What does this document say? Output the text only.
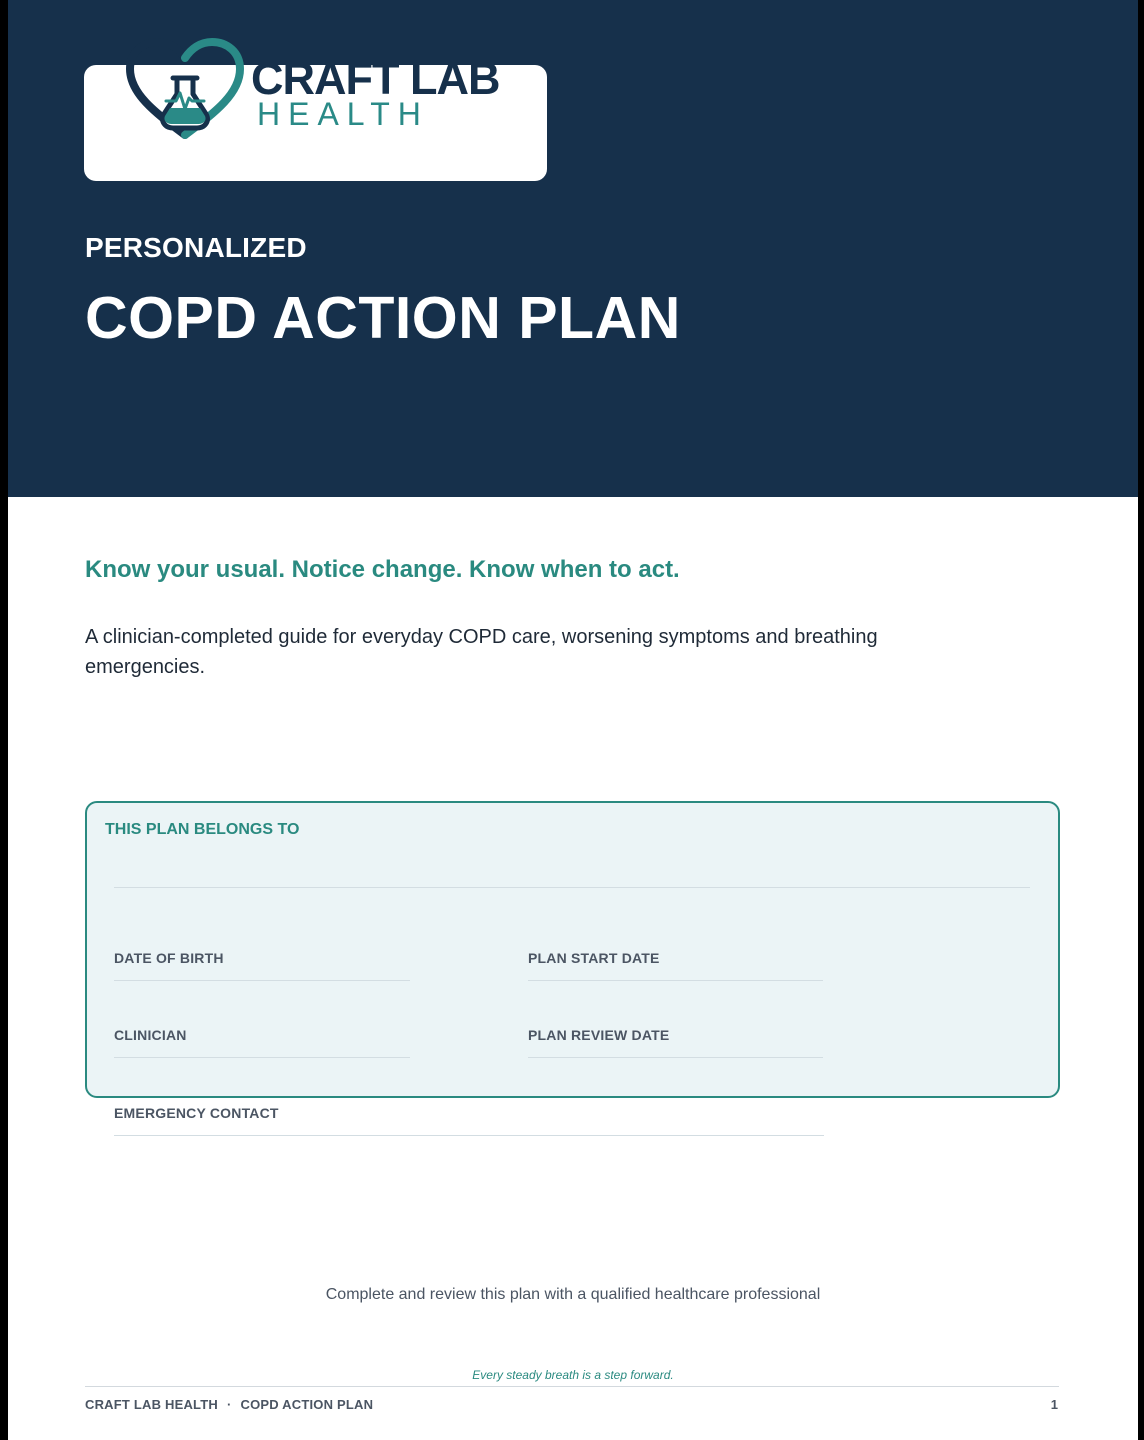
CRAFT LAB
HEALTH
PERSONALIZED
COPD ACTION PLAN
Know your usual. Notice change. Know when to act.
A clinician-completed guide for everyday COPD care, worsening symptoms and breathing emergencies.
THIS PLAN BELONGS TO
DATE OF BIRTH	PLAN START DATE
CLINICIAN	PLAN REVIEW DATE
EMERGENCY CONTACT
Complete and review this plan with a qualified healthcare professional
Every steady breath is a step forward.
CRAFT LAB HEALTH · COPD ACTION PLAN	1
